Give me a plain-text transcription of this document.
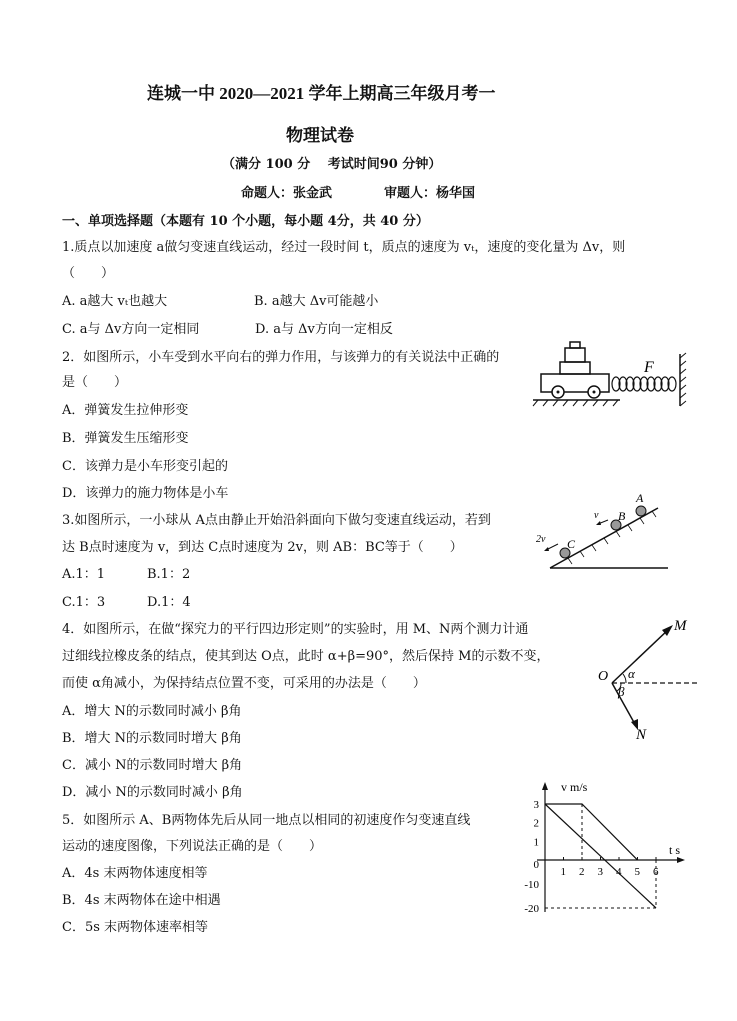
连城一中 2020—2021 学年上期高三年级月考一
物理试卷
（满分 100 分　 考试时间90 分钟）
命题人：张金武　　　　审题人：杨华国
一、单项选择题（本题有 10 个小题，每小题 4分，共 40 分）
1.质点以加速度 a做匀变速直线运动，经过一段时间 t，质点的速度为 vₜ，速度的变化量为 Δv，则
（　　）
A. a越大 vₜ也越大	B. a越大 Δv可能越小
C. a与 Δv方向一定相同	D. a与 Δv方向一定相反
2．如图所示，小车受到水平向右的弹力作用，与该弹力的有关说法中正确的
是（　　）
A．弹簧发生拉伸形变
B．弹簧发生压缩形变
C．该弹力是小车形变引起的
D．该弹力的施力物体是小车
F
3.如图所示，一小球从 A点由静止开始沿斜面向下做匀变速直线运动，若到
达 B点时速度为 v，到达 C点时速度为 2v，则 AB：BC等于（　　）
A.1：1	B.1：2
C.1：3	D.1：4
A
B
C
v
2v
4．如图所示，在做“探究力的平行四边形定则”的实验时，用 M、N两个测力计通
过细线拉橡皮条的结点，使其到达 O点，此时 α+β=90°，然后保持 M的示数不变，
而使 α角减小，为保持结点位置不变，可采用的办法是（　　）
A．增大 N的示数同时减小 β角
B．增大 N的示数同时增大 β角
C．减小 N的示数同时增大 β角
D．减小 N的示数同时减小 β角
O
M
N
α
β
5．如图所示 A、B两物体先后从同一地点以相同的初速度作匀变速直线
运动的速度图像，下列说法正确的是（　　）
A．4s 末两物体速度相等
B．4s 末两物体在途中相遇
C．5s 末两物体速率相等
v m/s
t s
1 2 3 4 5 6
3
2
1
0
-10
-20
